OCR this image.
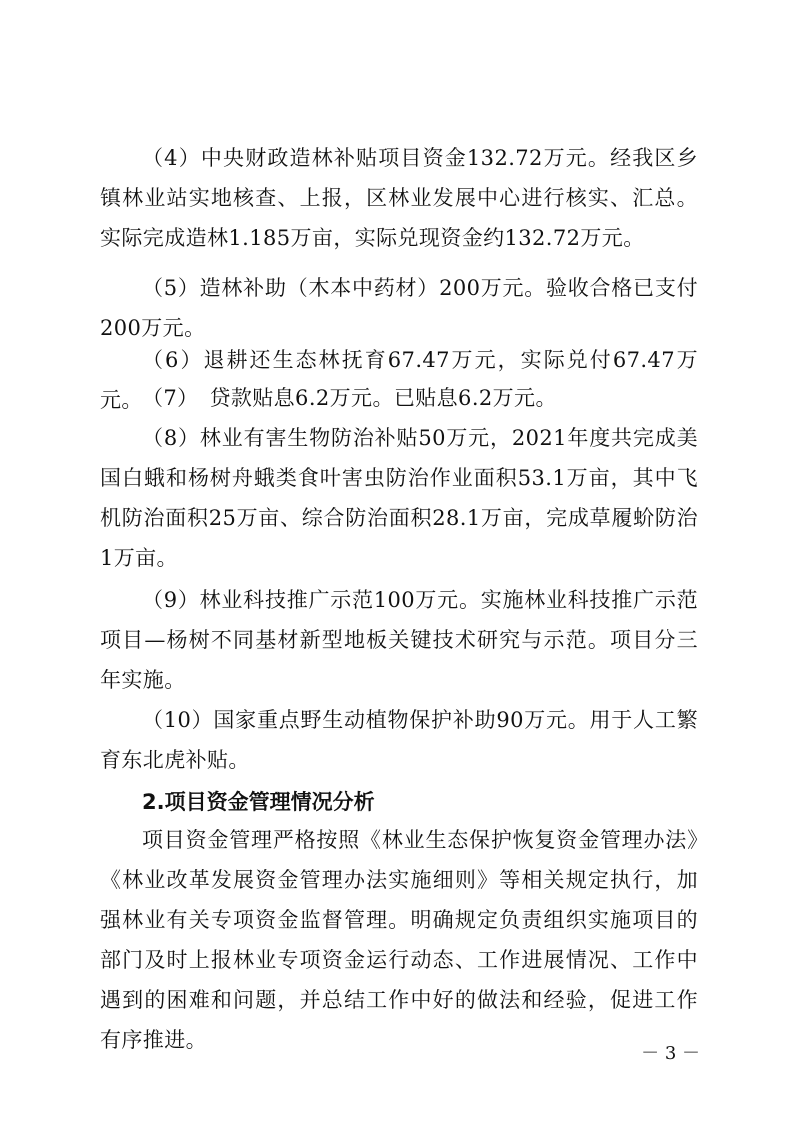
（4）中央财政造林补贴项目资金132.72万元。经我区乡镇林业站实地核查、上报，区林业发展中心进行核实、汇总。实际完成造林1.185万亩，实际兑现资金约132.72万元。

（5）造林补助（木本中药材）200万元。验收合格已支付200万元。

（6）退耕还生态林抚育67.47万元，实际兑付67.47万元。 （7）　贷款贴息6.2万元。已贴息6.2万元。

（8）林业有害生物防治补贴50万元，2021年度共完成美国白蛾和杨树舟蛾类食叶害虫防治作业面积53.1万亩，其中飞机防治面积25万亩、综合防治面积28.1万亩，完成草履蚧防治1万亩。

（9）林业科技推广示范100万元。实施林业科技推广示范项目—杨树不同基材新型地板关键技术研究与示范。项目分三年实施。

（10）国家重点野生动植物保护补助90万元。用于人工繁育东北虎补贴。

2.项目资金管理情况分析

项目资金管理严格按照《林业生态保护恢复资金管理办法》《林业改革发展资金管理办法实施细则》等相关规定执行，加强林业有关专项资金监督管理。明确规定负责组织实施项目的部门及时上报林业专项资金运行动态、工作进展情况、工作中遇到的困难和问题，并总结工作中好的做法和经验，促进工作有序推进。

－ 3 －
